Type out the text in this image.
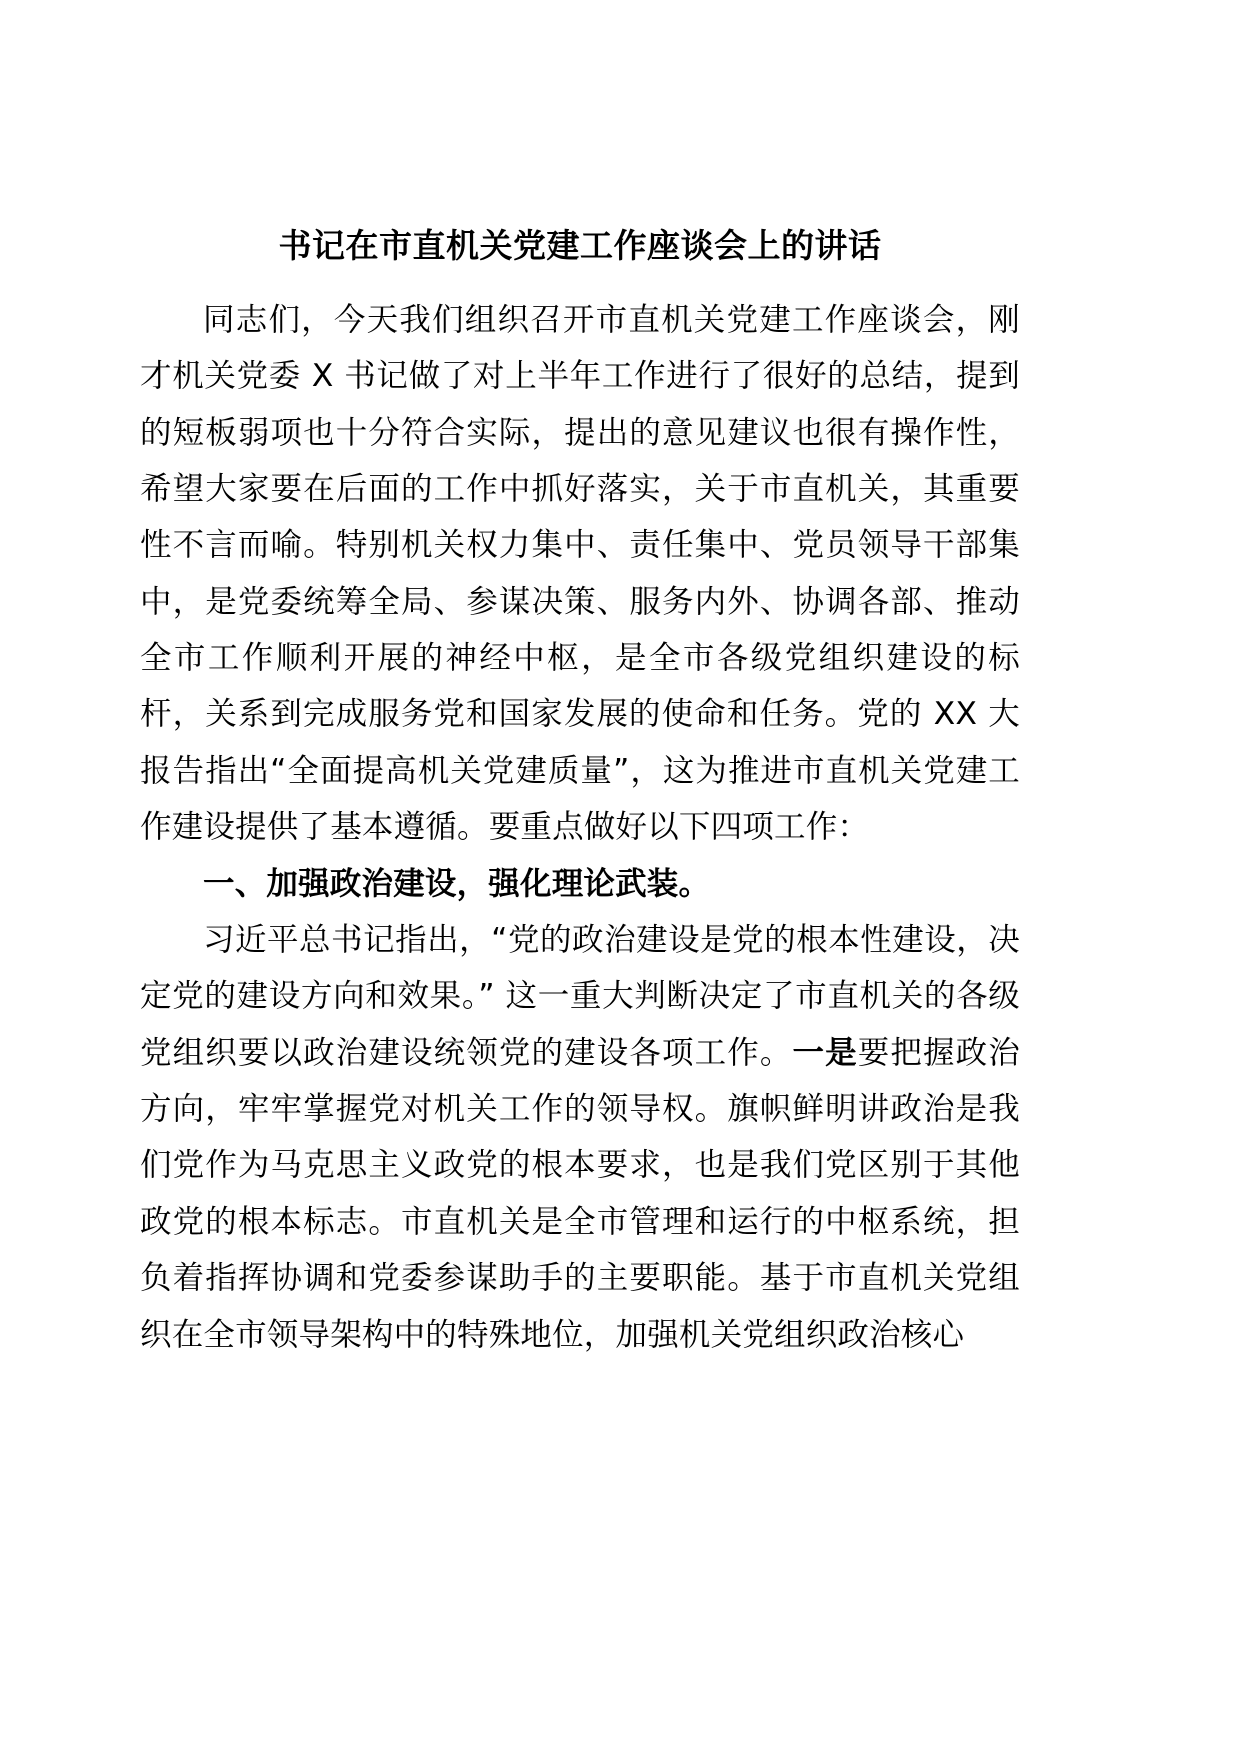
书记在市直机关党建工作座谈会上的讲话

同志们，今天我们组织召开市直机关党建工作座谈会，刚才机关党委 X 书记做了对上半年工作进行了很好的总结，提到的短板弱项也十分符合实际，提出的意见建议也很有操作性，希望大家要在后面的工作中抓好落实，关于市直机关，其重要性不言而喻。特别机关权力集中、责任集中、党员领导干部集中，是党委统筹全局、参谋决策、服务内外、协调各部、推动全市工作顺利开展的神经中枢，是全市各级党组织建设的标杆，关系到完成服务党和国家发展的使命和任务。党的 XX 大报告指出“全面提高机关党建质量”，这为推进市直机关党建工作建设提供了基本遵循。要重点做好以下四项工作：

一、加强政治建设，强化理论武装。

习近平总书记指出，“党的政治建设是党的根本性建设，决定党的建设方向和效果。” 这一重大判断决定了市直机关的各级党组织要以政治建设统领党的建设各项工作。一是要把握政治方向，牢牢掌握党对机关工作的领导权。旗帜鲜明讲政治是我们党作为马克思主义政党的根本要求，也是我们党区别于其他政党的根本标志。市直机关是全市管理和运行的中枢系统，担负着指挥协调和党委参谋助手的主要职能。基于市直机关党组织在全市领导架构中的特殊地位，加强机关党组织政治核心
